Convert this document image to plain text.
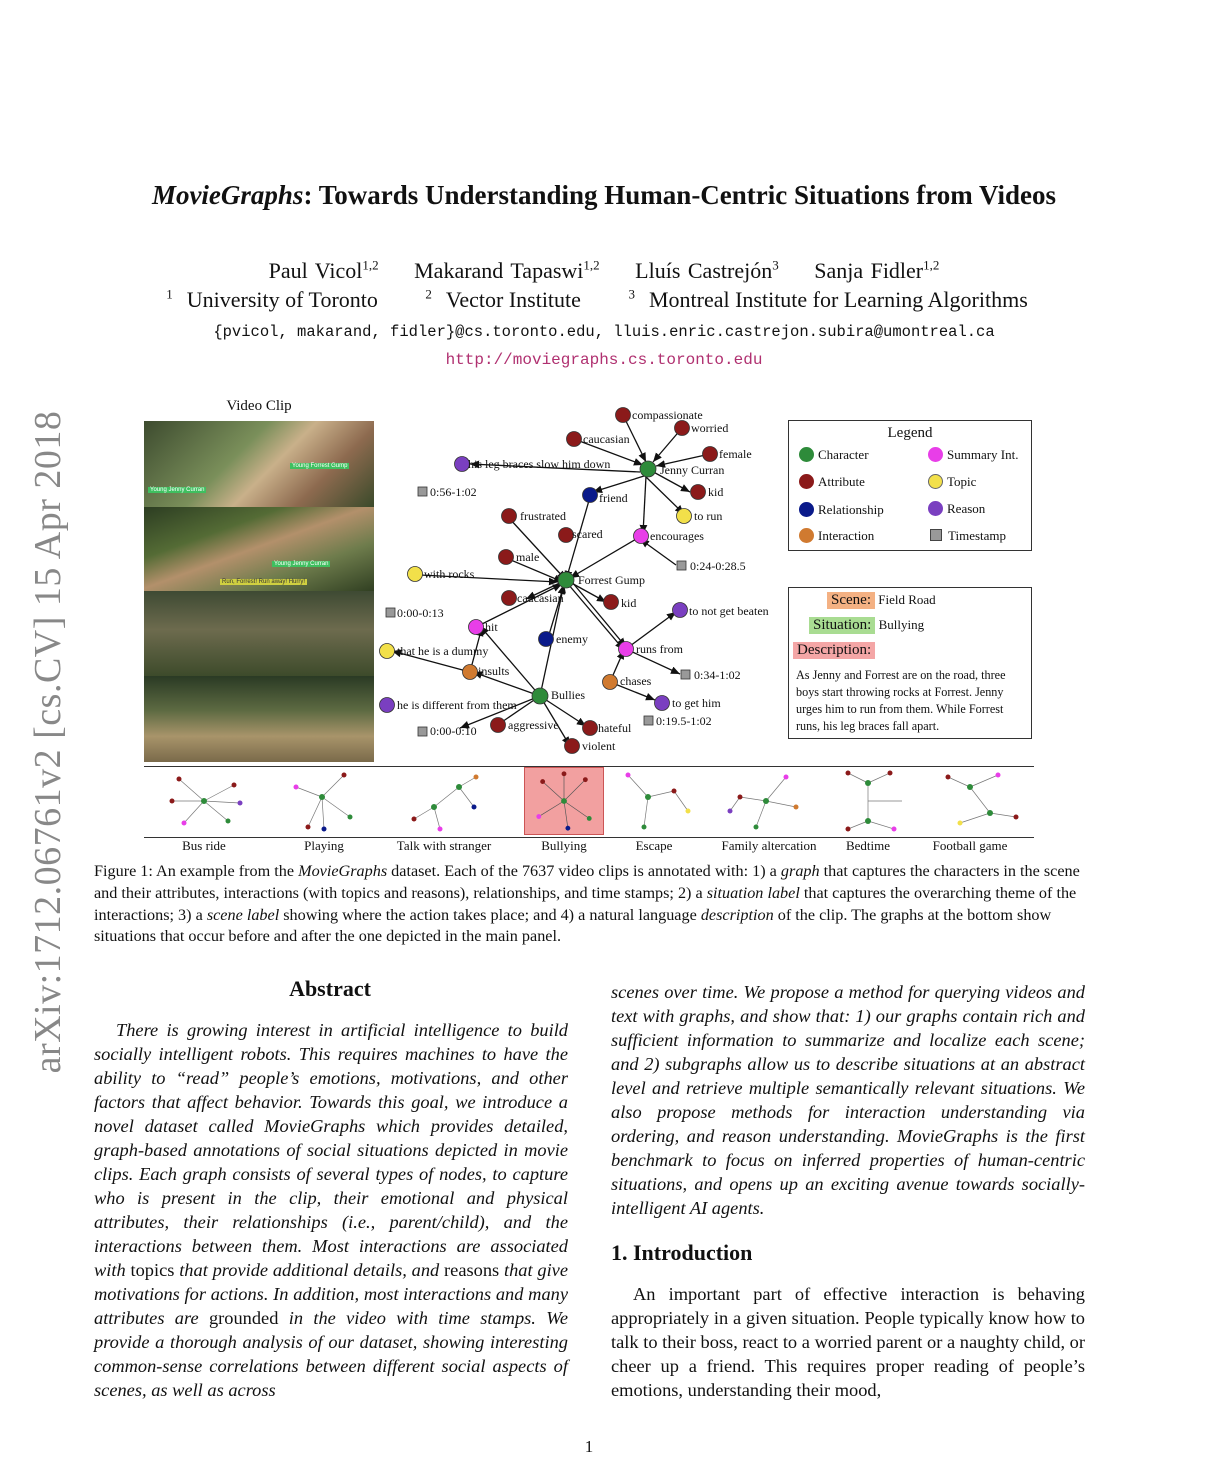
arXiv:1712.06761v2 [cs.CV] 15 Apr 2018
MovieGraphs: Towards Understanding Human-Centric Situations from Videos
Paul Vicol$^{1,2}$ Makarand Tapaswi$^{1,2}$ Lluís Castrejón$^3$ Sanja Fidler$^{1,2}$
$^1$ University of Toronto	$^2$ Vector Institute	$^3$ Montreal Institute for Learning Algorithms
{pvicol, makarand, fidler}@cs.toronto.edu, lluis.enric.castrejon.subira@umontreal.ca
http://moviegraphs.cs.toronto.edu
Video Clip
Young Jenny Curran
Young Forrest Gump
Young Jenny Curran
Run, Forrest! Run away! Hurry!
compassionate
worried
caucasian
female
his leg braces slow him down	Jenny Curran
0:56-1:02	friend	kid
frustrated	to run
scared	encourages
male
0:24-0:28.5
with rocks	Forrest Gump
caucasian	kid
0:00-0:13	to not get beaten
hit
enemy
that he is a dummy	runs from
insults	0:34-1:02
chases
Bullies
he is different from them	to get him
0:00-0:10	aggressive	0:19.5-1:02
hateful
violent
Legend
Character	Summary Int.
Attribute	Topic
Relationship	Reason
Interaction	Timestamp
Scene: Field Road
Situation: Bullying
Description:
As Jenny and Forrest are on the road, three boys start throwing rocks at Forrest. Jenny urges him to run from them. While Forrest runs, his leg braces fall apart.
Bus ride	Playing	Talk with stranger	Bullying	Escape	Family altercation	Bedtime	Football game
Figure 1: An example from the MovieGraphs dataset. Each of the 7637 video clips is annotated with: 1) a graph that captures the characters in the scene and their attributes, interactions (with topics and reasons), relationships, and time stamps; 2) a situation label that captures the overarching theme of the interactions; 3) a scene label showing where the action takes place; and 4) a natural language description of the clip. The graphs at the bottom show situations that occur before and after the one depicted in the main panel.
Abstract
There is growing interest in artificial intelligence to build socially intelligent robots. This requires machines to have the ability to “read” people’s emotions, motivations, and other factors that affect behavior. Towards this goal, we introduce a novel dataset called MovieGraphs which provides detailed, graph-based annotations of social situations depicted in movie clips. Each graph consists of several types of nodes, to capture who is present in the clip, their emotional and physical attributes, their relationships (i.e., parent/child), and the interactions between them. Most interactions are associated with topics that provide additional details, and reasons that give motivations for actions. In addition, most interactions and many attributes are grounded in the video with time stamps. We provide a thorough analysis of our dataset, showing interesting common-sense correlations between different social aspects of scenes, as well as across
scenes over time. We propose a method for querying videos and text with graphs, and show that: 1) our graphs contain rich and sufficient information to summarize and localize each scene; and 2) subgraphs allow us to describe situations at an abstract level and retrieve multiple semantically relevant situations. We also propose methods for interaction understanding via ordering, and reason understanding. MovieGraphs is the first benchmark to focus on inferred properties of human-centric situations, and opens up an exciting avenue towards socially-intelligent AI agents.
1. Introduction
An important part of effective interaction is behaving appropriately in a given situation. People typically know how to talk to their boss, react to a worried parent or a naughty child, or cheer up a friend. This requires proper reading of people’s emotions, understanding their mood,
1
